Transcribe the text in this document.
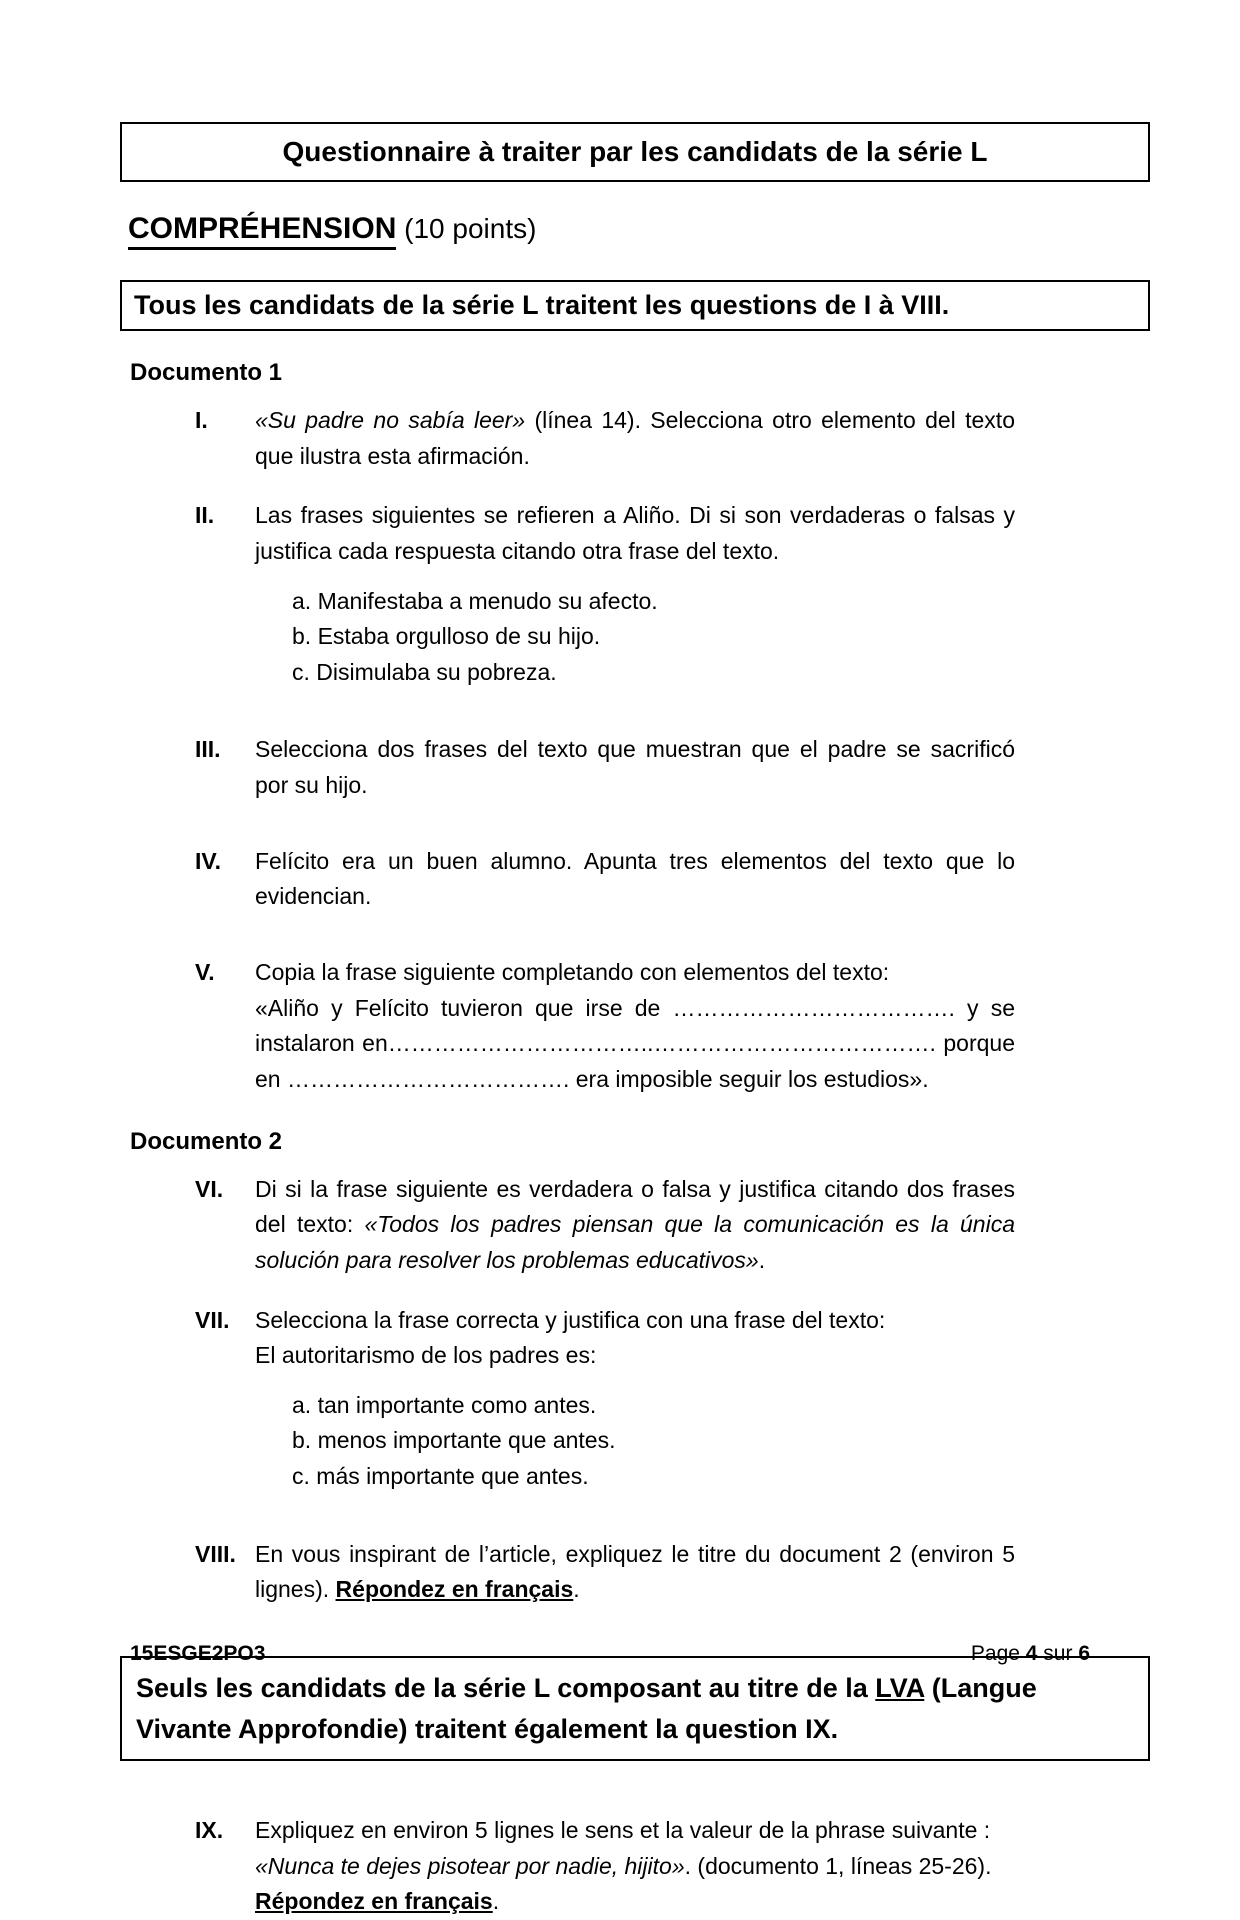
Questionnaire à traiter par les candidats de la série L
COMPRÉHENSION (10 points)
Tous les candidats de la série L traitent les questions de I à VIII.
Documento 1
I.	«Su padre no sabía leer» (línea 14). Selecciona otro elemento del texto que ilustra esta afirmación.
II.	Las frases siguientes se refieren a Aliño. Di si son verdaderas o falsas y justifica cada respuesta citando otra frase del texto.
a. Manifestaba a menudo su afecto.
b. Estaba orgulloso de su hijo.
c. Disimulaba su pobreza.
III.	Selecciona dos frases del texto que muestran que el padre se sacrificó por su hijo.
IV.	Felícito era un buen alumno. Apunta tres elementos del texto que lo evidencian.
V.	Copia la frase siguiente completando con elementos del texto:
«Aliño y Felícito tuvieron que irse de ………………………………. y se
instalaron en……………………………..………………………………. porque
en ………………………………. era imposible seguir los estudios».
Documento 2
VI.	Di si la frase siguiente es verdadera o falsa y justifica citando dos frases del texto: «Todos los padres piensan que la comunicación es la única solución para resolver los problemas educativos».
VII.	Selecciona la frase correcta y justifica con una frase del texto:
El autoritarismo de los padres es:
a. tan importante como antes.
b. menos importante que antes.
c. más importante que antes.
VIII. En vous inspirant de l’article, expliquez le titre du document 2 (environ 5 lignes). Répondez en français.
Seuls les candidats de la série L composant au titre de la LVA (Langue Vivante Approfondie) traitent également la question IX.
IX.	Expliquez en environ 5 lignes le sens et la valeur de la phrase suivante :
«Nunca te dejes pisotear por nadie, hijito». (documento 1, líneas 25-26).
Répondez en français.
15ESGE2PO3	Page 4 sur 6
